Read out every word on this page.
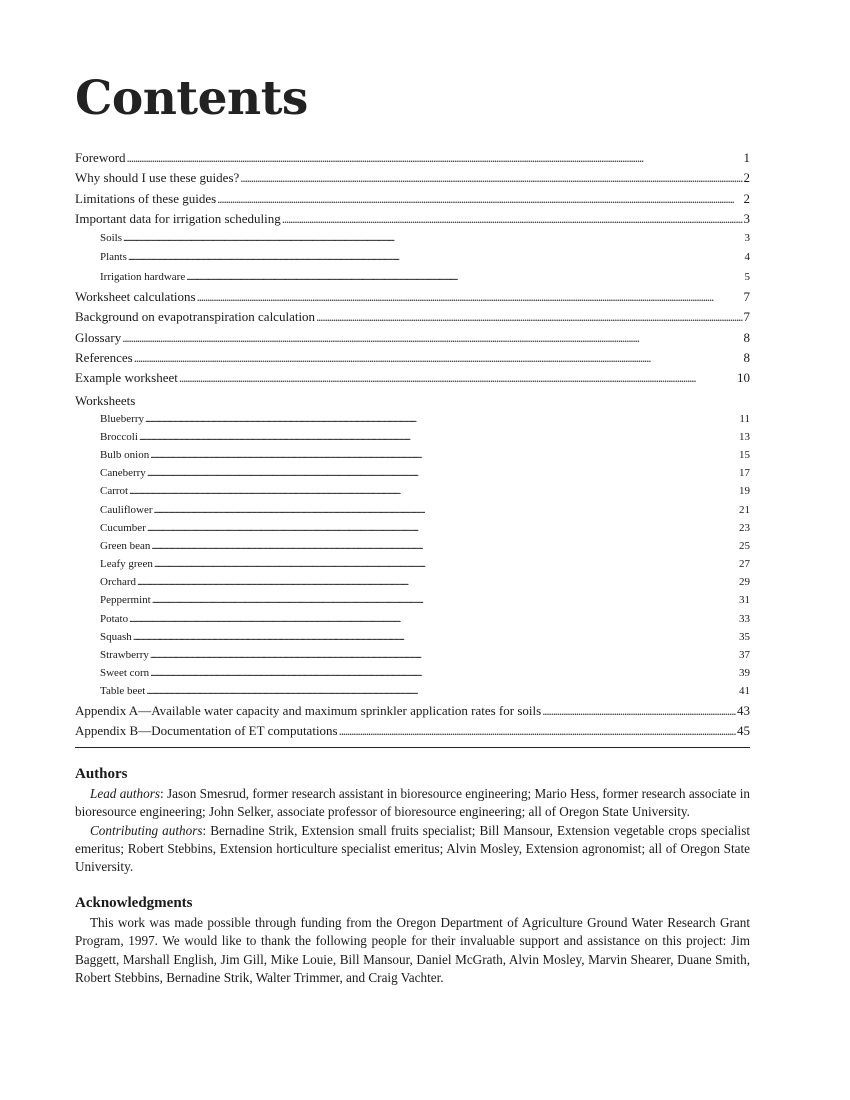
Contents
Foreword . . .	1
Why should I use these guides? . . .	2
Limitations of these guides . . .	2
Important data for irrigation scheduling . . .	3
Soils . . .	3
Plants . . .	4
Irrigation hardware . . .	5
Worksheet calculations . . .	7
Background on evapotranspiration calculation . . .	7
Glossary . . .	8
References . . .	8
Example worksheet . . .	10
Worksheets
Blueberry . . .	11
Broccoli . . .	13
Bulb onion . . .	15
Caneberry . . .	17
Carrot . . .	19
Cauliflower . . .	21
Cucumber . . .	23
Green bean . . .	25
Leafy green . . .	27
Orchard . . .	29
Peppermint . . .	31
Potato . . .	33
Squash . . .	35
Strawberry . . .	37
Sweet corn . . .	39
Table beet . . .	41
Appendix A—Available water capacity and maximum sprinkler application rates for soils . . .	43
Appendix B—Documentation of ET computations . . .	45
Authors

Lead authors: Jason Smesrud, former research assistant in bioresource engineering; Mario Hess, former research associate in bioresource engineering; John Selker, associate professor of bioresource engineering; all of Oregon State University.

Contributing authors: Bernadine Strik, Extension small fruits specialist; Bill Mansour, Extension vegetable crops specialist emeritus; Robert Stebbins, Extension horticulture specialist emeritus; Alvin Mosley, Extension agronomist; all of Oregon State University.

Acknowledgments

This work was made possible through funding from the Oregon Department of Agriculture Ground Water Research Grant Program, 1997. We would like to thank the following people for their invaluable support and assistance on this project: Jim Baggett, Marshall English, Jim Gill, Mike Louie, Bill Mansour, Daniel McGrath, Alvin Mosley, Marvin Shearer, Duane Smith, Robert Stebbins, Bernadine Strik, Walter Trimmer, and Craig Vachter.
